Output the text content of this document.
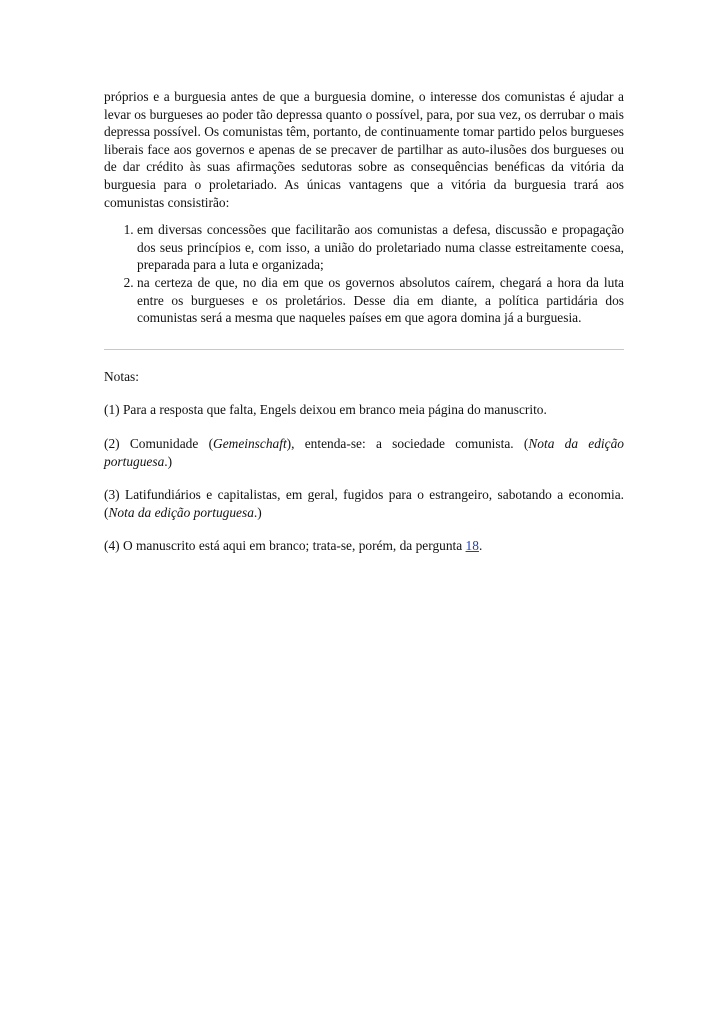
próprios e a burguesia antes de que a burguesia domine, o interesse dos comunistas é ajudar a levar os burgueses ao poder tão depressa quanto o possível, para, por sua vez, os derrubar o mais depressa possível. Os comunistas têm, portanto, de continuamente tomar partido pelos burgueses liberais face aos governos e apenas de se precaver de partilhar as auto-ilusões dos burgueses ou de dar crédito às suas afirmações sedutoras sobre as consequências benéficas da vitória da burguesia para o proletariado. As únicas vantagens que a vitória da burguesia trará aos comunistas consistirão:

1. em diversas concessões que facilitarão aos comunistas a defesa, discussão e propagação dos seus princípios e, com isso, a união do proletariado numa classe estreitamente coesa, preparada para a luta e organizada;
2. na certeza de que, no dia em que os governos absolutos caírem, chegará a hora da luta entre os burgueses e os proletários. Desse dia em diante, a política partidária dos comunistas será a mesma que naqueles países em que agora domina já a burguesia.

Notas:

(1) Para a resposta que falta, Engels deixou em branco meia página do manuscrito.

(2) Comunidade (Gemeinschaft), entenda-se: a sociedade comunista. (Nota da edição portuguesa.)

(3) Latifundiários e capitalistas, em geral, fugidos para o estrangeiro, sabotando a economia. (Nota da edição portuguesa.)

(4) O manuscrito está aqui em branco; trata-se, porém, da pergunta 18.
